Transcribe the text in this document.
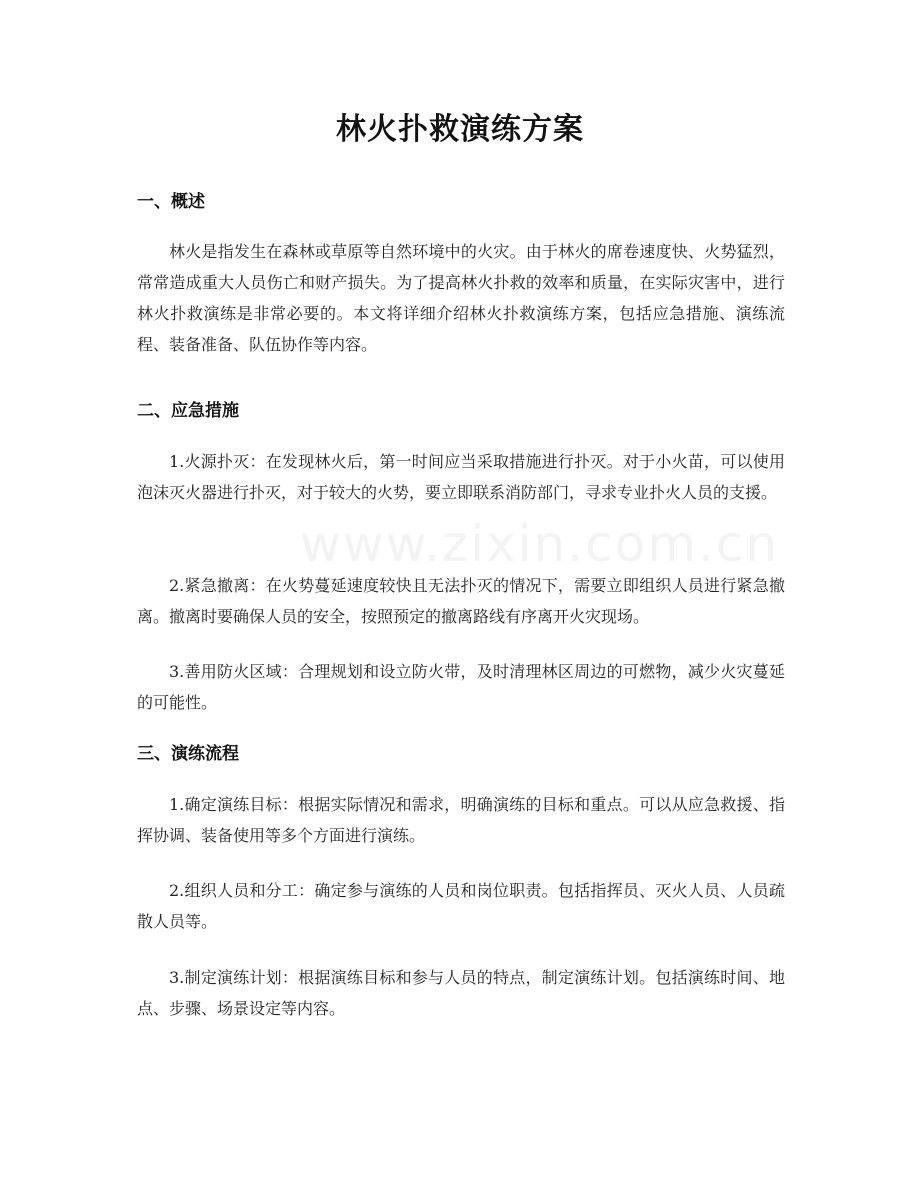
www.zixin.com.cn
林火扑救演练方案
一、概述
林火是指发生在森林或草原等自然环境中的火灾。由于林火的席卷速度快、火势猛烈，常常造成重大人员伤亡和财产损失。为了提高林火扑救的效率和质量，在实际灾害中，进行林火扑救演练是非常必要的。本文将详细介绍林火扑救演练方案，包括应急措施、演练流程、装备准备、队伍协作等内容。
二、应急措施
1.火源扑灭：在发现林火后，第一时间应当采取措施进行扑灭。对于小火苗，可以使用泡沫灭火器进行扑灭，对于较大的火势，要立即联系消防部门，寻求专业扑火人员的支援。
2.紧急撤离：在火势蔓延速度较快且无法扑灭的情况下，需要立即组织人员进行紧急撤离。撤离时要确保人员的安全，按照预定的撤离路线有序离开火灾现场。
3.善用防火区域：合理规划和设立防火带，及时清理林区周边的可燃物，减少火灾蔓延的可能性。
三、演练流程
1.确定演练目标：根据实际情况和需求，明确演练的目标和重点。可以从应急救援、指挥协调、装备使用等多个方面进行演练。
2.组织人员和分工：确定参与演练的人员和岗位职责。包括指挥员、灭火人员、人员疏散人员等。
3.制定演练计划：根据演练目标和参与人员的特点，制定演练计划。包括演练时间、地点、步骤、场景设定等内容。
